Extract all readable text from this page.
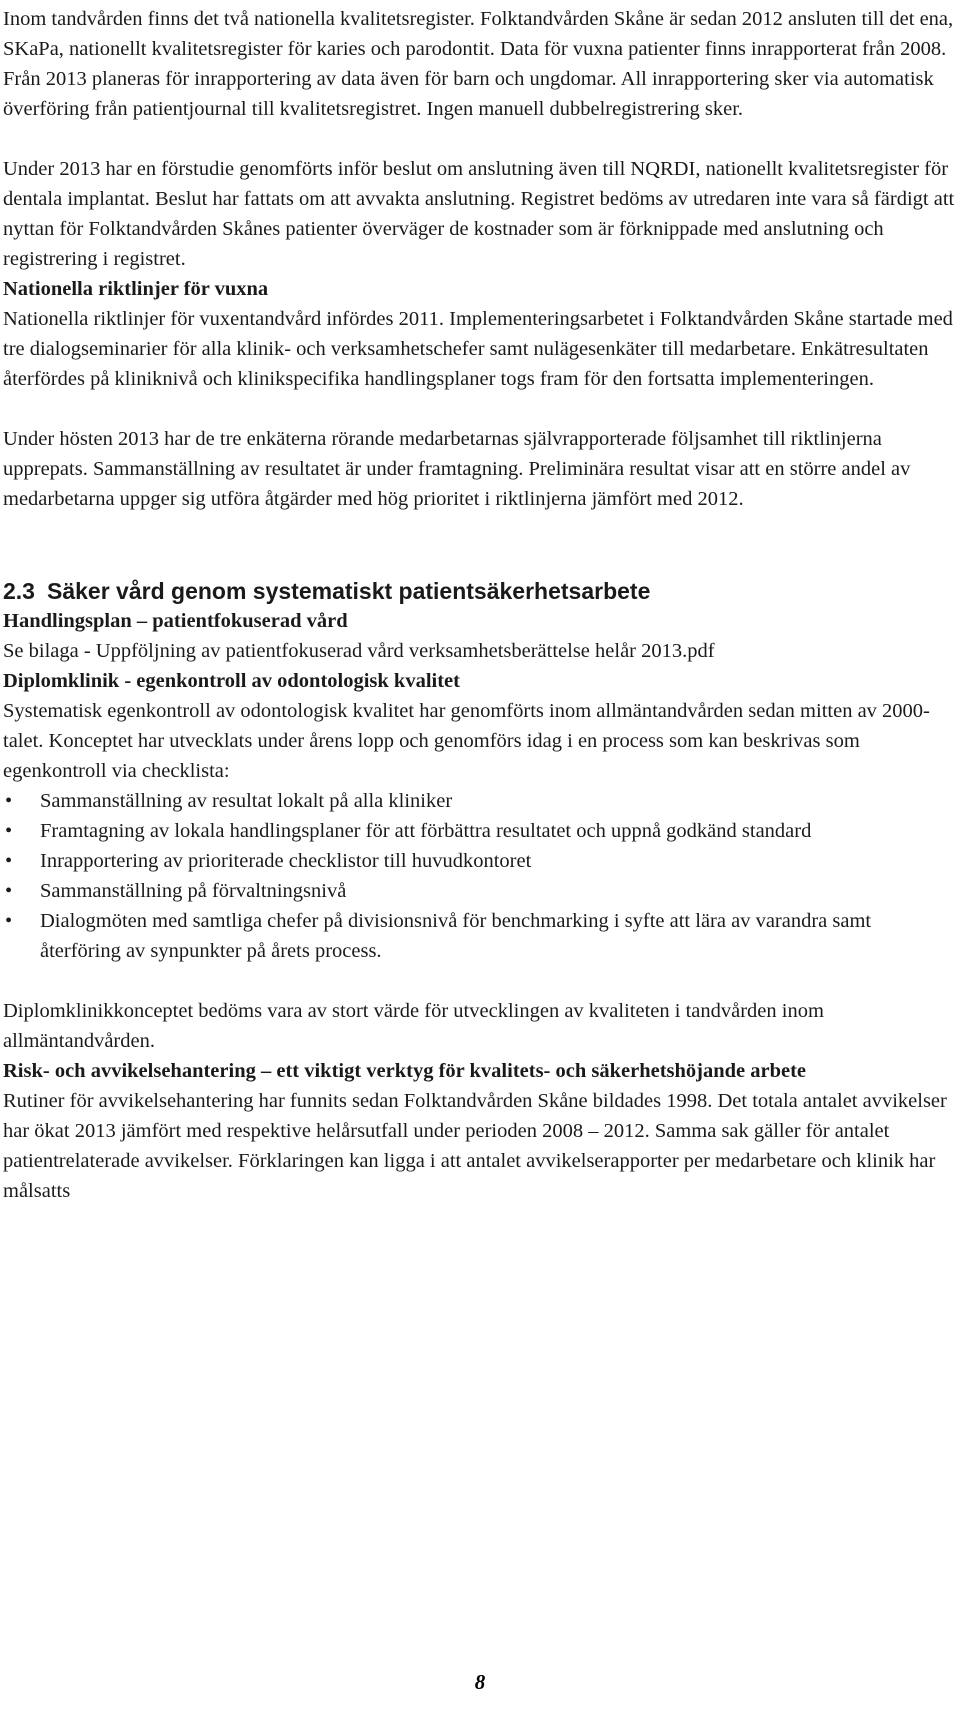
Inom tandvården finns det två nationella kvalitetsregister. Folktandvården Skåne är sedan 2012 ansluten till det ena, SKaPa, nationellt kvalitetsregister för karies och parodontit. Data för vuxna patienter finns inrapporterat från 2008. Från 2013 planeras för inrapportering av data även för barn och ungdomar. All inrapportering sker via automatisk överföring från patientjournal till kvalitetsregistret. Ingen manuell dubbelregistrering sker.

Under 2013 har en förstudie genomförts inför beslut om anslutning även till NQRDI, nationellt kvalitetsregister för dentala implantat. Beslut har fattats om att avvakta anslutning. Registret bedöms av utredaren inte vara så färdigt att nyttan för Folktandvården Skånes patienter överväger de kostnader som är förknippade med anslutning och registrering i registret.

Nationella riktlinjer för vuxna

Nationella riktlinjer för vuxentandvård infördes 2011. Implementeringsarbetet i Folktandvården Skåne startade med tre dialogseminarier för alla klinik- och verksamhetschefer samt nulägesenkäter till medarbetare. Enkätresultaten återfördes på kliniknivå och klinikspecifika handlingsplaner togs fram för den fortsatta implementeringen.

Under hösten 2013 har de tre enkäterna rörande medarbetarnas självrapporterade följsamhet till riktlinjerna upprepats. Sammanställning av resultatet är under framtagning. Preliminära resultat visar att en större andel av medarbetarna uppger sig utföra åtgärder med hög prioritet i riktlinjerna jämfört med 2012.

2.3 Säker vård genom systematiskt patientsäkerhetsarbete
Handlingsplan – patientfokuserad vård

Se bilaga - Uppföljning av patientfokuserad vård verksamhetsberättelse helår 2013.pdf

Diplomklinik - egenkontroll av odontologisk kvalitet

Systematisk egenkontroll av odontologisk kvalitet har genomförts inom allmäntandvården sedan mitten av 2000-talet. Konceptet har utvecklats under årens lopp och genomförs idag i en process som kan beskrivas som egenkontroll via checklista:

• Sammanställning av resultat lokalt på alla kliniker
• Framtagning av lokala handlingsplaner för att förbättra resultatet och uppnå godkänd standard
• Inrapportering av prioriterade checklistor till huvudkontoret
• Sammanställning på förvaltningsnivå
• Dialogmöten med samtliga chefer på divisionsnivå för benchmarking i syfte att lära av varandra samt återföring av synpunkter på årets process.

Diplomklinikkonceptet bedöms vara av stort värde för utvecklingen av kvaliteten i tandvården inom allmäntandvården.

Risk- och avvikelsehantering – ett viktigt verktyg för kvalitets- och säkerhetshöjande arbete

Rutiner för avvikelsehantering har funnits sedan Folktandvården Skåne bildades 1998. Det totala antalet avvikelser har ökat 2013 jämfört med respektive helårsutfall under perioden 2008 – 2012. Samma sak gäller för antalet patientrelaterade avvikelser. Förklaringen kan ligga i att antalet avvikelserapporter per medarbetare och klinik har målsatts

8
